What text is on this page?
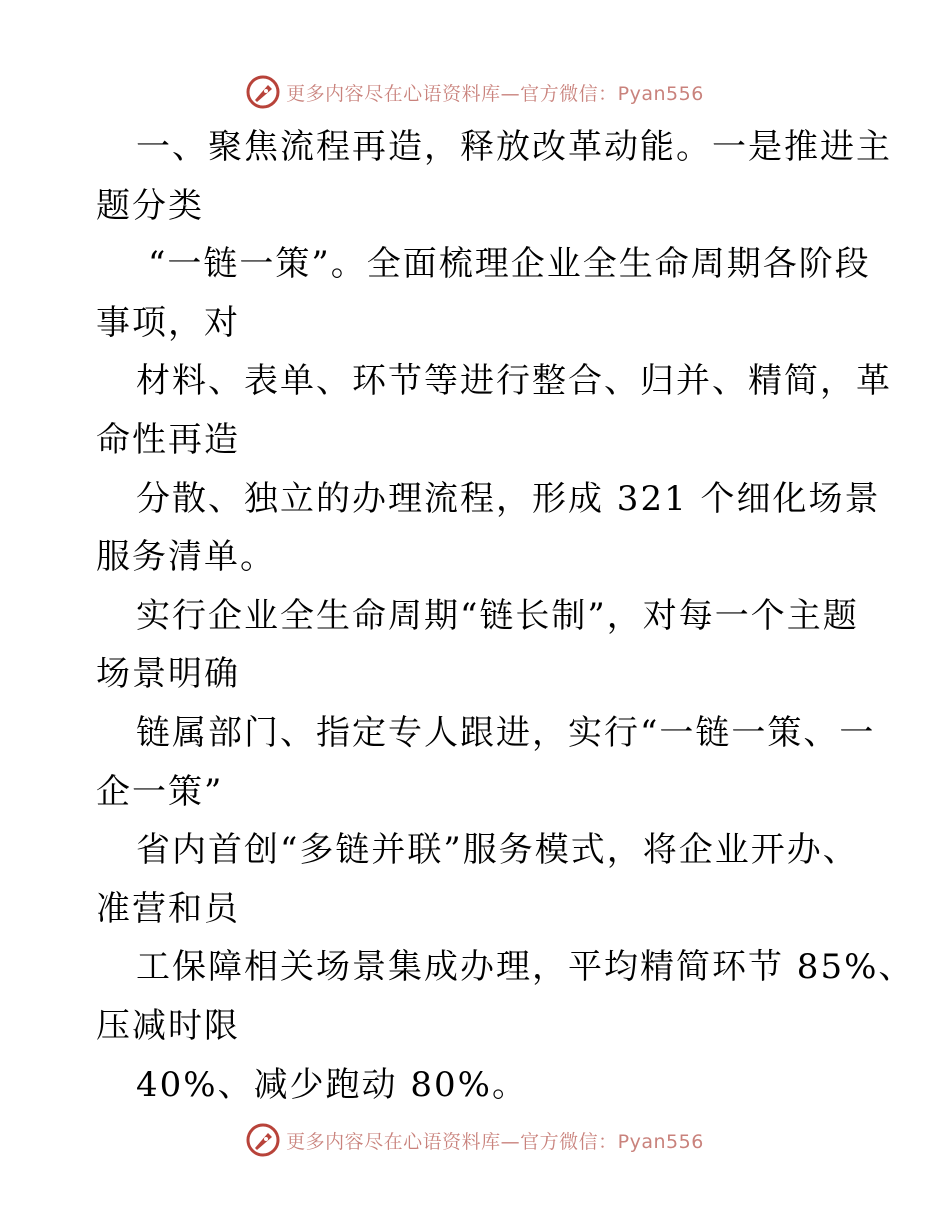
更多内容尽在心语资料库—官方微信：Pyan556
一、聚焦流程再造，释放改革动能。一是推进主
题分类
“一链一策”。全面梳理企业全生命周期各阶段
事项，对
材料、表单、环节等进行整合、归并、精简，革
命性再造
分散、独立的办理流程，形成 321 个细化场景
服务清单。
实行企业全生命周期“链长制”，对每一个主题
场景明确
链属部门、指定专人跟进，实行“一链一策、一
企一策”
省内首创“多链并联”服务模式，将企业开办、
准营和员
工保障相关场景集成办理，平均精简环节 85%、
压减时限
40%、减少跑动 80%。
更多内容尽在心语资料库—官方微信：Pyan556
